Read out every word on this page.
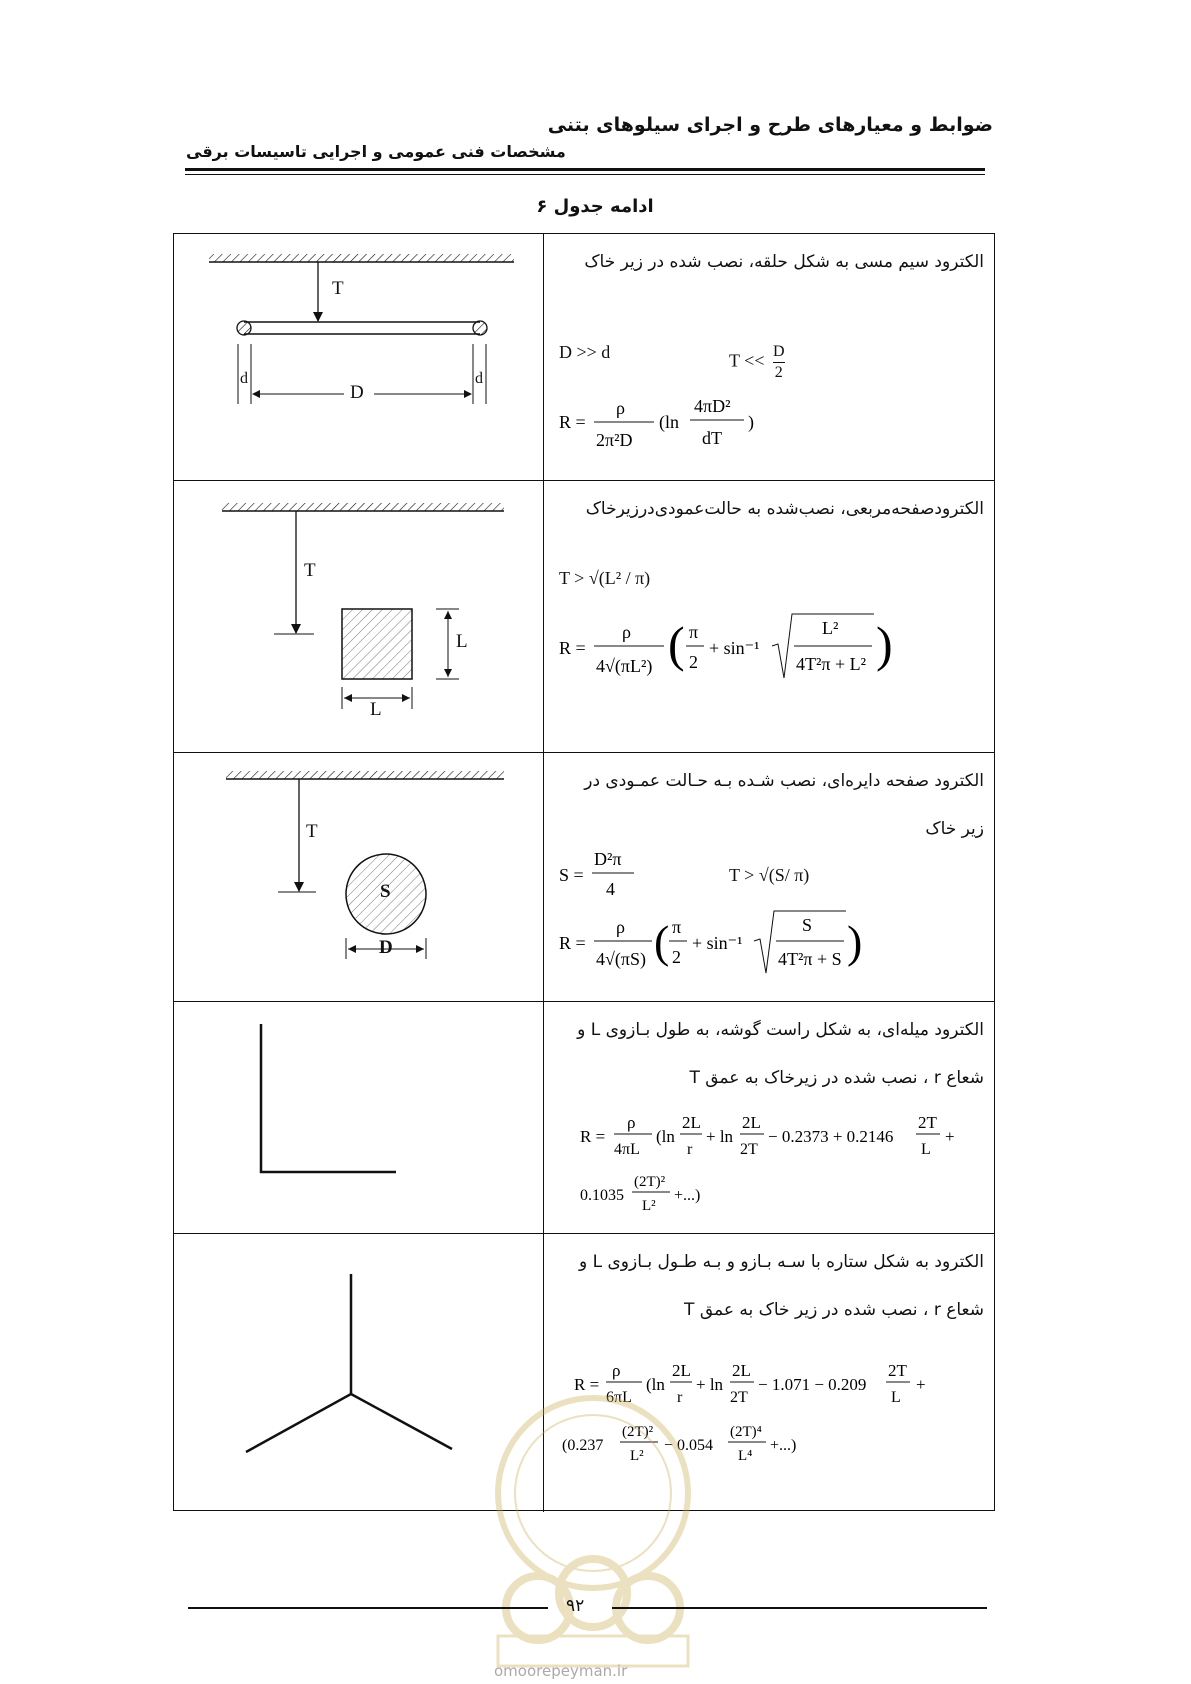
ضوابط و معیارهای طرح و اجرای سیلوهای بتنی
مشخصات فنی عمومی و اجرایی تاسیسات برقی
ادامه جدول ۶
T
D
d	d
الکترود سیم مسی به شکل حلقه، نصب شده در زیر خاک
D >> d	$T << \frac{D}{2}$
R =
ρ
2π²D
(ln
4πD²
dT
)
T
L
L
الکترودصفحه‌مربعی، نصب‌شده به حالت‌عمودی‌درزیرخاک
T > √(L² / π)
R =
ρ
4√(πL²) ( π
2
+ sin⁻¹
L²
4T²π + L² )
T
S
D
الکترود صفحه دایره‌ای، نصب شـده بـه حـالت عمـودی در
زیر خاک
S =
D²π
4
T > √(S/ π)
R =
ρ
4√(πS) ( π
2
+ sin⁻¹
S
4T²π + S )
الکترود میله‌ای، به شکل راست گوشه، به طول بـازوی L و
شعاع r ، نصب شده در زیرخاک به عمق T
R =
ρ
4πL
(ln
2L
r
+ ln
2L
2T
− 0.2373 + 0.2146
2T
L
+
0.1035
(2T)²
L²
+...)
الکترود به شکل ستاره با سـه بـازو و بـه طـول بـازوی L و
شعاع r ، نصب شده در زیر خاک به عمق T
R =
ρ
6πL
(ln
2L
r
+ ln
2L
2T
− 1.071 − 0.209
2T
L
+
(0.237
(2T)²
L²
− 0.054
(2T)⁴
L⁴
+...)
۹۲
omoorepeyman.ir
